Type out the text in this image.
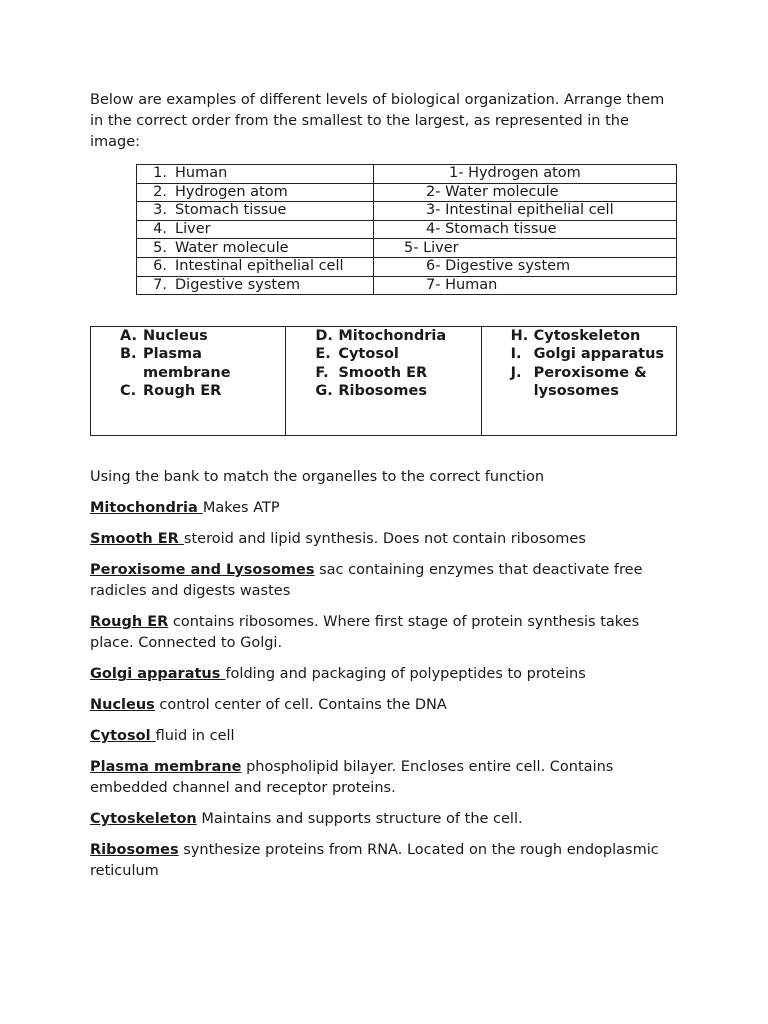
Below are examples of different levels of biological organization. Arrange them in the correct order from the smallest to the largest, as represented in the image:

1. Human	1- Hydrogen atom
2. Hydrogen atom	2- Water molecule
3. Stomach tissue	3- Intestinal epithelial cell
4. Liver	4- Stomach tissue
5. Water molecule	5- Liver
6. Intestinal epithelial cell	6- Digestive system
7. Digestive system	7- Human
A. Nucleus
B. Plasma membrane
C. Rough ER

D. Mitochondria
E. Cytosol
F. Smooth ER
G. Ribosomes

H. Cytoskeleton
I. Golgi apparatus
J. Peroxisome & lysosomes

Using the bank to match the organelles to the correct function

Mitochondria Makes ATP

Smooth ER steroid and lipid synthesis. Does not contain ribosomes

Peroxisome and Lysosomes sac containing enzymes that deactivate free radicles and digests wastes

Rough ER contains ribosomes. Where first stage of protein synthesis takes place. Connected to Golgi.

Golgi apparatus folding and packaging of polypeptides to proteins

Nucleus control center of cell. Contains the DNA

Cytosol fluid in cell

Plasma membrane phospholipid bilayer. Encloses entire cell. Contains embedded channel and receptor proteins.

Cytoskeleton Maintains and supports structure of the cell.

Ribosomes synthesize proteins from RNA. Located on the rough endoplasmic reticulum
